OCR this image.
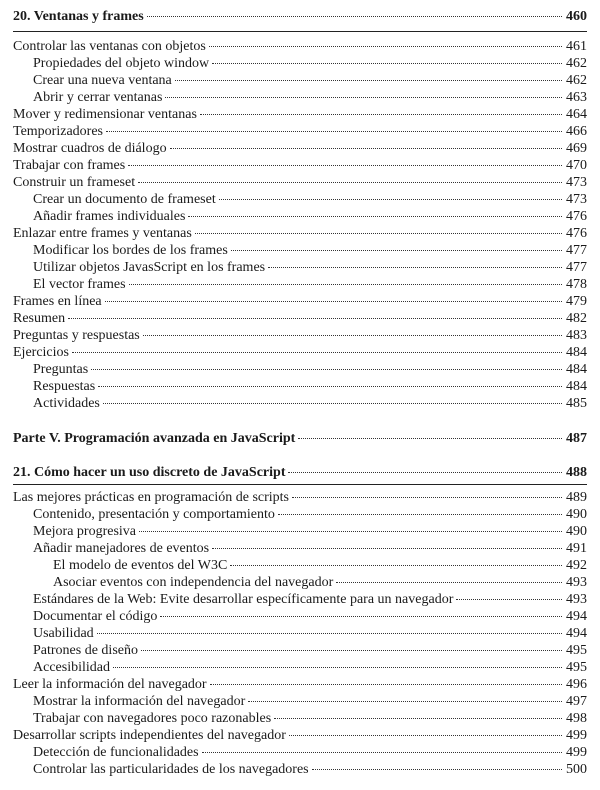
20. Ventanas y frames	460
Controlar las ventanas con objetos	461
Propiedades del objeto window	462
Crear una nueva ventana	462
Abrir y cerrar ventanas	463
Mover y redimensionar ventanas	464
Temporizadores	466
Mostrar cuadros de diálogo	469
Trabajar con frames	470
Construir un frameset	473
Crear un documento de frameset	473
Añadir frames individuales	476
Enlazar entre frames y ventanas	476
Modificar los bordes de los frames	477
Utilizar objetos JavasScript en los frames	477
El vector frames	478
Frames en línea	479
Resumen	482
Preguntas y respuestas	483
Ejercicios	484
Preguntas	484
Respuestas	484
Actividades	485
Parte V. Programación avanzada en JavaScript	487
21. Cómo hacer un uso discreto de JavaScript	488
Las mejores prácticas en programación de scripts	489
Contenido, presentación y comportamiento	490
Mejora progresiva	490
Añadir manejadores de eventos	491
El modelo de eventos del W3C	492
Asociar eventos con independencia del navegador	493
Estándares de la Web: Evite desarrollar específicamente para un navegador	493
Documentar el código	494
Usabilidad	494
Patrones de diseño	495
Accesibilidad	495
Leer la información del navegador	496
Mostrar la información del navegador	497
Trabajar con navegadores poco razonables	498
Desarrollar scripts independientes del navegador	499
Detección de funcionalidades	499
Controlar las particularidades de los navegadores	500
